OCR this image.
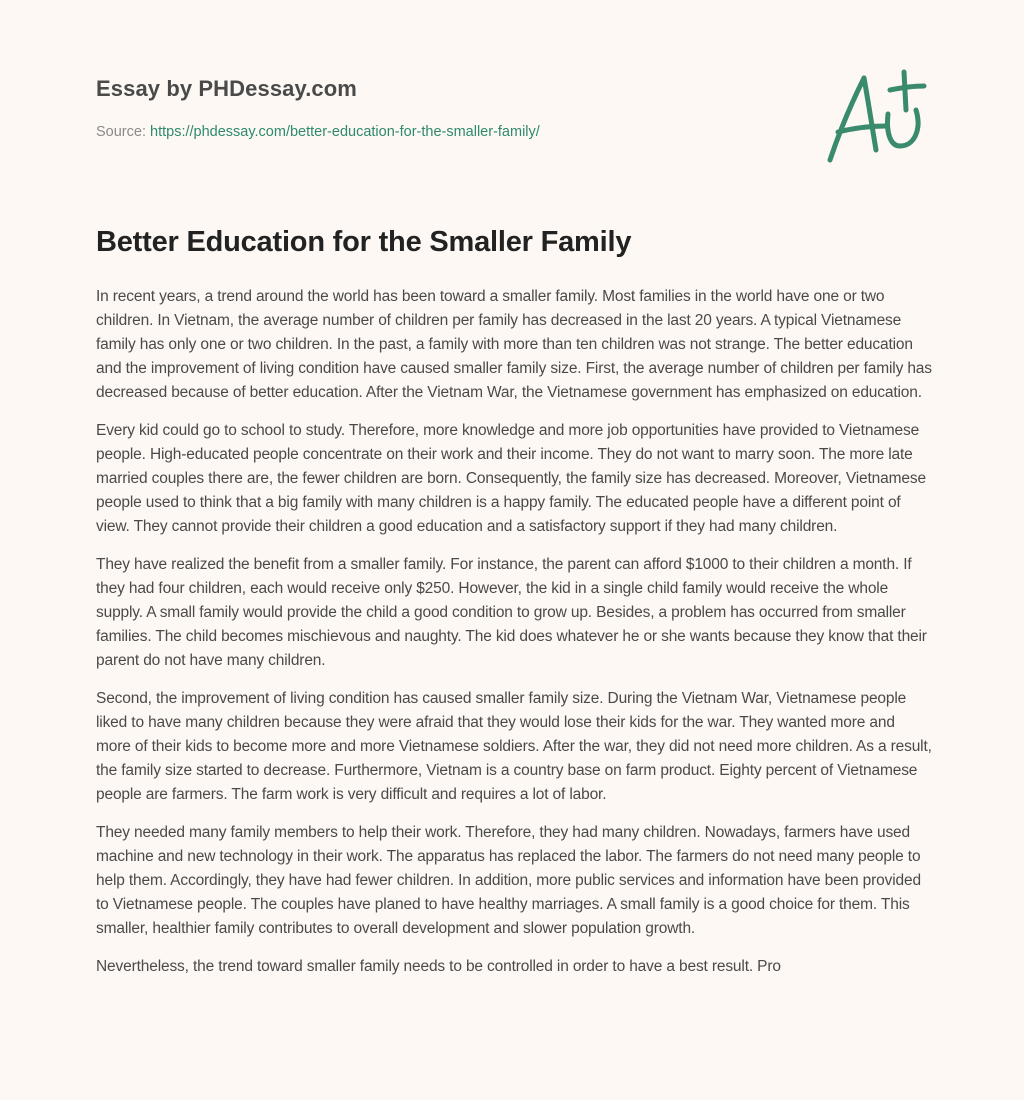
Essay by PHDessay.com
Source: https://phdessay.com/better-education-for-the-smaller-family/
Better Education for the Smaller Family

In recent years, a trend around the world has been toward a smaller family. Most families in the world have one or two children. In Vietnam, the average number of children per family has decreased in the last 20 years. A typical Vietnamese family has only one or two children. In the past, a family with more than ten children was not strange. The better education and the improvement of living condition have caused smaller family size. First, the average number of children per family has decreased because of better education. After the Vietnam War, the Vietnamese government has emphasized on education.

Every kid could go to school to study. Therefore, more knowledge and more job opportunities have provided to Vietnamese people. High-educated people concentrate on their work and their income. They do not want to marry soon. The more late married couples there are, the fewer children are born. Consequently, the family size has decreased. Moreover, Vietnamese people used to think that a big family with many children is a happy family. The educated people have a different point of view. They cannot provide their children a good education and a satisfactory support if they had many children.

They have realized the benefit from a smaller family. For instance, the parent can afford $1000 to their children a month. If they had four children, each would receive only $250. However, the kid in a single child family would receive the whole supply. A small family would provide the child a good condition to grow up. Besides, a problem has occurred from smaller families. The child becomes mischievous and naughty. The kid does whatever he or she wants because they know that their parent do not have many children.

Second, the improvement of living condition has caused smaller family size. During the Vietnam War, Vietnamese people liked to have many children because they were afraid that they would lose their kids for the war. They wanted more and more of their kids to become more and more Vietnamese soldiers. After the war, they did not need more children. As a result, the family size started to decrease. Furthermore, Vietnam is a country base on farm product. Eighty percent of Vietnamese people are farmers. The farm work is very difficult and requires a lot of labor.

They needed many family members to help their work. Therefore, they had many children. Nowadays, farmers have used machine and new technology in their work. The apparatus has replaced the labor. The farmers do not need many people to help them. Accordingly, they have had fewer children. In addition, more public services and information have been provided to Vietnamese people. The couples have planed to have healthy marriages. A small family is a good choice for them. This smaller, healthier family contributes to overall development and slower population growth.

Nevertheless, the trend toward smaller family needs to be controlled in order to have a best result. Pro
